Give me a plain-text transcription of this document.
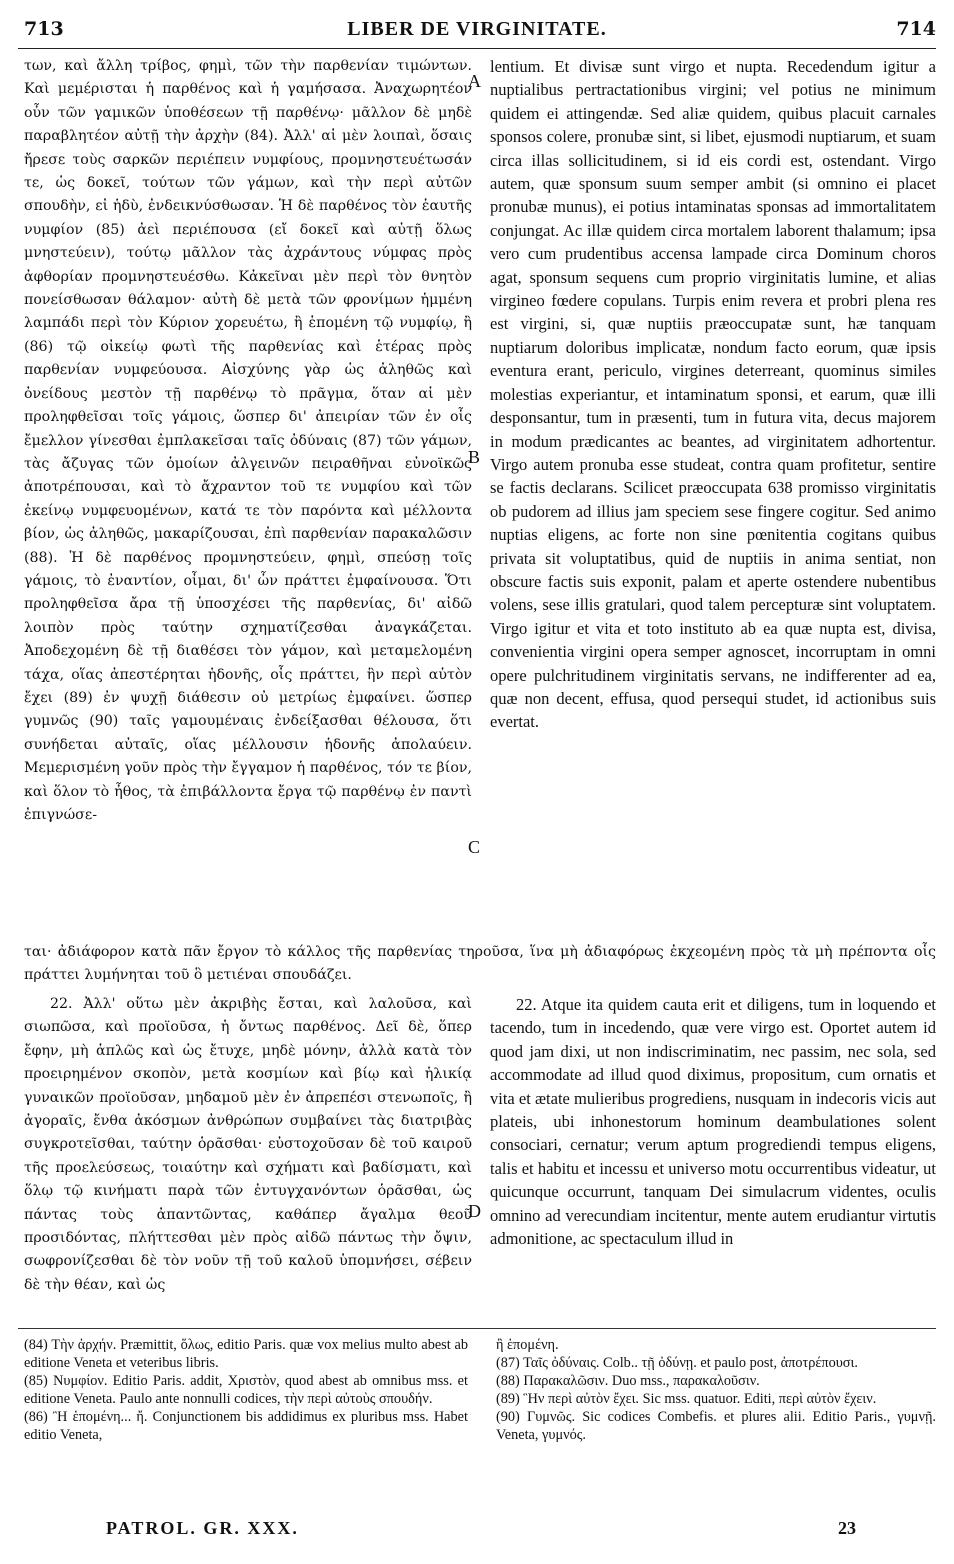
713	LIBER DE VIRGINITATE.	714

των, καὶ ἄλλη τρίβος, φημὶ, τῶν τὴν παρθενίαν τιμώντων. Καὶ μεμέρισται ἡ παρθένος καὶ ἡ γαμήσασα. Ἀναχωρητέον οὖν τῶν γαμικῶν ὑποθέσεων τῇ παρθένῳ· μᾶλλον δὲ μηδὲ παραβλητέον αὐτῇ τὴν ἀρχὴν (84). Ἀλλ' αἱ μὲν λοιπαὶ, ὅσαις ἤρεσε τοὺς σαρκῶν περιέπειν νυμφίους, προμνηστευέτωσάν τε, ὡς δοκεῖ, τούτων τῶν γάμων, καὶ τὴν περὶ αὐτῶν σπουδὴν, εἰ ἡδὺ, ἐνδεικνύσθωσαν. Ἡ δὲ παρθένος τὸν ἑαυτῆς νυμφίον (85) ἀεὶ περιέπουσα (εἴ δοκεῖ καὶ αὐτῇ ὅλως μνηστεύειν), τούτῳ μᾶλλον τὰς ἀχράντους νύμφας πρὸς ἀφθορίαν προμνηστευέσθω. Κἀκεῖναι μὲν περὶ τὸν θνητὸν πονείσθωσαν θάλαμον· αὐτὴ δὲ μετὰ τῶν φρονίμων ἡμμένη λαμπάδι περὶ τὸν Κύριον χορευέτω, ἢ ἑπομένη τῷ νυμφίῳ, ἢ (86) τῷ οἰκείῳ φωτὶ τῆς παρθενίας καὶ ἑτέρας πρὸς παρθενίαν νυμφεύουσα. Αἰσχύνης γὰρ ὡς ἀληθῶς καὶ ὀνείδους μεστὸν τῇ παρθένῳ τὸ πρᾶγμα, ὅταν αἱ μὲν προληφθεῖσαι τοῖς γάμοις, ὥσπερ δι' ἀπειρίαν τῶν ἐν οἷς ἔμελλον γίνεσθαι ἐμπλακεῖσαι ταῖς ὀδύναις (87) τῶν γάμων, τὰς ἄζυγας τῶν ὁμοίων ἀλγεινῶν πειραθῆναι εὐνοϊκῶς ἀποτρέπουσαι, καὶ τὸ ἄχραντον τοῦ τε νυμφίου καὶ τῶν ἐκείνῳ νυμφευομένων, κατά τε τὸν παρόντα καὶ μέλλοντα βίον, ὡς ἀληθῶς, μακαρίζουσαι, ἐπὶ παρθενίαν παρακαλῶσιν (88). Ἡ δὲ παρθένος προμνηστεύειν, φημὶ, σπεύσῃ τοῖς γάμοις, τὸ ἐναντίον, οἶμαι, δι' ὧν πράττει ἐμφαίνουσα. Ὅτι προληφθεῖσα ἄρα τῇ ὑποσχέσει τῆς παρθενίας, δι' αἰδῶ λοιπὸν πρὸς ταύτην σχηματίζεσθαι ἀναγκάζεται. Ἀποδεχομένη δὲ τῇ διαθέσει τὸν γάμον, καὶ μεταμελομένη τάχα, οἵας ἀπεστέρηται ἡδονῆς, οἷς πράττει, ἣν περὶ αὐτὸν ἔχει (89) ἐν ψυχῇ διάθεσιν οὐ μετρίως ἐμφαίνει. ὥσπερ γυμνῶς (90) ταῖς γαμουμέναις ἐνδείξασθαι θέλουσα, ὅτι συνήδεται αὐταῖς, οἵας μέλλουσιν ἡδονῆς ἀπολαύειν. Μεμερισμένη γοῦν πρὸς τὴν ἔγγαμον ἡ παρθένος, τόν τε βίον, καὶ ὅλον τὸ ἦθος, τὰ ἐπιβάλλοντα ἔργα τῷ παρθένῳ ἐν παντὶ ἐπιγνώσε-

lentium. Et divisæ sunt virgo et nupta. Recedendum igitur a nuptialibus pertractationibus virgini; vel potius ne minimum quidem ei attingendæ. Sed aliæ quidem, quibus placuit carnales sponsos colere, pronubæ sint, si libet, ejusmodi nuptiarum, et suam circa illas sollicitudinem, si id eis cordi est, ostendant. Virgo autem, quæ sponsum suum semper ambit (si omnino ei placet pronubæ munus), ei potius intaminatas sponsas ad immortalitatem conjungat. Ac illæ quidem circa mortalem laborent thalamum; ipsa vero cum prudentibus accensa lampade circa Dominum choros agat, sponsum sequens cum proprio virginitatis lumine, et alias virgineo fœdere copulans. Turpis enim revera et probri plena res est virgini, si, quæ nuptiis præoccupatæ sunt, hæ tanquam nuptiarum doloribus implicatæ, nondum facto eorum, quæ ipsis eventura erant, periculo, virgines deterreant, quominus similes molestias experiantur, et intaminatum sponsi, et earum, quæ illi desponsantur, tum in præsenti, tum in futura vita, decus majorem in modum prædicantes ac beantes, ad virginitatem adhortentur. Virgo autem pronuba esse studeat, contra quam profitetur, sentire se factis declarans. Scilicet præoccupata 638 promisso virginitatis ob pudorem ad illius jam speciem sese fingere cogitur. Sed animo nuptias eligens, ac forte non sine pœnitentia cogitans quibus privata sit voluptatibus, quid de nuptiis in anima sentiat, non obscure factis suis exponit, palam et aperte ostendere nubentibus volens, sese illis gratulari, quod talem percepturæ sint voluptatem. Virgo igitur et vita et toto instituto ab ea quæ nupta est, divisa, convenientia virgini opera semper agnoscet, incorruptam in omni opere pulchritudinem virginitatis servans, ne indifferenter ad ea, quæ non decent, effusa, quod persequi studet, id actionibus suis evertat.

A
B
C
D
ται· ἀδιάφορον κατὰ πᾶν ἔργον τὸ κάλλος τῆς παρθενίας τηροῦσα, ἵνα μὴ ἀδιαφόρως ἐκχεομένη πρὸς τὰ μὴ πρέποντα οἷς πράττει λυμήνηται τοῦ ὃ μετιέναι σπουδάζει.

22. Ἀλλ' οὕτω μὲν ἀκριβὴς ἔσται, καὶ λαλοῦσα, καὶ σιωπῶσα, καὶ προϊοῦσα, ἡ ὄντως παρθένος. Δεῖ δὲ, ὅπερ ἔφην, μὴ ἁπλῶς καὶ ὡς ἔτυχε, μηδὲ μόνην, ἀλλὰ κατὰ τὸν προειρημένον σκοπὸν, μετὰ κοσμίων καὶ βίῳ καὶ ἡλικίᾳ γυναικῶν προϊοῦσαν, μηδαμοῦ μὲν ἐν ἀπρεπέσι στενωποῖς, ἢ ἀγοραῖς, ἔνθα ἀκόσμων ἀνθρώπων συμβαίνει τὰς διατριβὰς συγκροτεῖσθαι, ταύτην ὁρᾶσθαι· εὐστοχοῦσαν δὲ τοῦ καιροῦ τῆς προελεύσεως, τοιαύτην καὶ σχήματι καὶ βαδίσματι, καὶ ὅλῳ τῷ κινήματι παρὰ τῶν ἐντυγχανόντων ὁρᾶσθαι, ὡς πάντας τοὺς ἀπαντῶντας, καθάπερ ἄγαλμα θεοῦ προσιδόντας, πλήττεσθαι μὲν πρὸς αἰδῶ πάντως τὴν ὄψιν, σωφρονίζεσθαι δὲ τὸν νοῦν τῇ τοῦ καλοῦ ὑπομνήσει, σέβειν δὲ τὴν θέαν, καὶ ὡς

22. Atque ita quidem cauta erit et diligens, tum in loquendo et tacendo, tum in incedendo, quæ vere virgo est. Oportet autem id quod jam dixi, ut non indiscriminatim, nec passim, nec sola, sed accommodate ad illud quod diximus, propositum, cum ornatis et vita et ætate mulieribus progrediens, nusquam in indecoris vicis aut plateis, ubi inhonestorum hominum deambulationes solent consociari, cernatur; verum aptum progrediendi tempus eligens, talis et habitu et incessu et universo motu occurrentibus videatur, ut quicunque occurrunt, tanquam Dei simulacrum videntes, oculis omnino ad verecundiam incitentur, mente autem erudiantur virtutis admonitione, ac spectaculum illud in

(84) Τὴν ἀρχήν. Præmittit, ὅλως, editio Paris. quæ vox melius multo abest ab editione Veneta et veteribus libris.

(85) Νυμφίον. Editio Paris. addit, Χριστὸν, quod abest ab omnibus mss. et editione Veneta. Paulo ante nonnulli codices, τὴν περὶ αὐτοὺς σπουδήν.

(86) Ἢ ἑπομένη... ἤ. Conjunctionem bis addidimus ex pluribus mss. Habet editio Veneta,

ἢ ἑπομένη.

(87) Ταῖς ὀδύναις. Colb.. τῇ ὀδύνῃ. et paulo post, ἀποτρέπουσι.

(88) Παρακαλῶσιν. Duo mss., παρακαλοῦσιν.

(89) Ἣν περὶ αὐτὸν ἔχει. Sic mss. quatuor. Editi, περὶ αὐτὸν ἔχειν.

(90) Γυμνῶς. Sic codices Combefis. et plures alii. Editio Paris., γυμνῇ. Veneta, γυμνός.

PATROL. GR. XXX.	23
